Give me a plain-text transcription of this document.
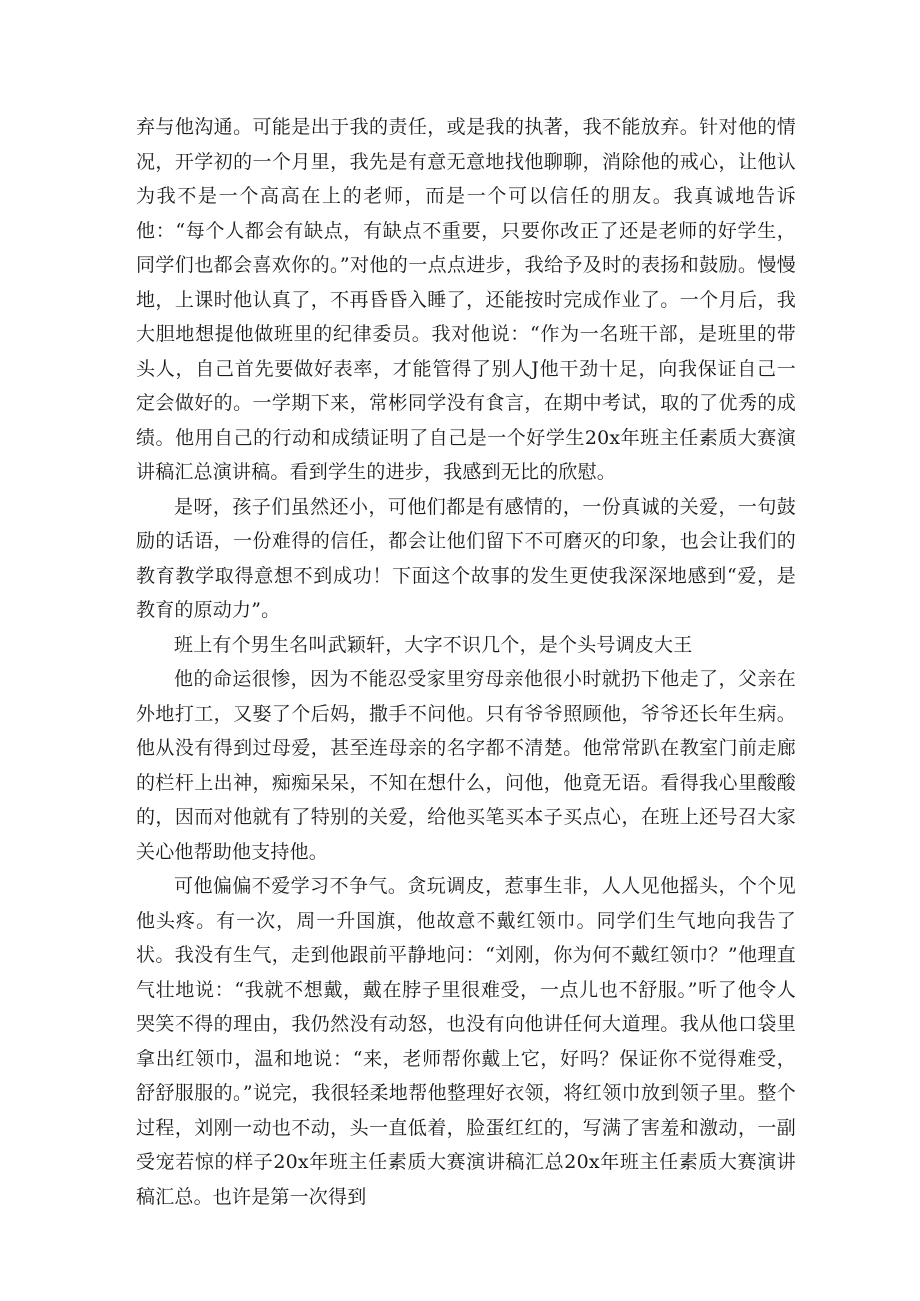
弃与他沟通。可能是出于我的责任，或是我的执著，我不能放弃。针对他的情况，开学初的一个月里，我先是有意无意地找他聊聊，消除他的戒心，让他认为我不是一个高高在上的老师，而是一个可以信任的朋友。我真诚地告诉他：“每个人都会有缺点，有缺点不重要，只要你改正了还是老师的好学生，同学们也都会喜欢你的。”对他的一点点进步，我给予及时的表扬和鼓励。慢慢地，上课时他认真了，不再昏昏入睡了，还能按时完成作业了。一个月后，我大胆地想提他做班里的纪律委员。我对他说：“作为一名班干部，是班里的带头人，自己首先要做好表率，才能管得了别人J他干劲十足，向我保证自己一定会做好的。一学期下来，常彬同学没有食言，在期中考试，取的了优秀的成绩。他用自己的行动和成绩证明了自己是一个好学生20x年班主任素质大赛演讲稿汇总演讲稿。看到学生的进步，我感到无比的欣慰。

是呀，孩子们虽然还小，可他们都是有感情的，一份真诚的关爱，一句鼓励的话语，一份难得的信任，都会让他们留下不可磨灭的印象，也会让我们的教育教学取得意想不到成功！下面这个故事的发生更使我深深地感到“爱，是教育的原动力”。

班上有个男生名叫武颖轩，大字不识几个，是个头号调皮大王

他的命运很惨，因为不能忍受家里穷母亲他很小时就扔下他走了，父亲在外地打工，又娶了个后妈，撒手不问他。只有爷爷照顾他，爷爷还长年生病。他从没有得到过母爱，甚至连母亲的名字都不清楚。他常常趴在教室门前走廊的栏杆上出神，痴痴呆呆，不知在想什么，问他，他竟无语。看得我心里酸酸的，因而对他就有了特别的关爱，给他买笔买本子买点心，在班上还号召大家关心他帮助他支持他。

可他偏偏不爱学习不争气。贪玩调皮，惹事生非，人人见他摇头，个个见他头疼。有一次，周一升国旗，他故意不戴红领巾。同学们生气地向我告了状。我没有生气，走到他跟前平静地问：“刘刚，你为何不戴红领巾？”他理直气壮地说：“我就不想戴，戴在脖子里很难受，一点儿也不舒服。”听了他令人哭笑不得的理由，我仍然没有动怒，也没有向他讲任何大道理。我从他口袋里拿出红领巾，温和地说：“来，老师帮你戴上它，好吗？保证你不觉得难受，舒舒服服的。”说完，我很轻柔地帮他整理好衣领，将红领巾放到领子里。整个过程，刘刚一动也不动，头一直低着，脸蛋红红的，写满了害羞和激动，一副受宠若惊的样子20x年班主任素质大赛演讲稿汇总20x年班主任素质大赛演讲稿汇总。也许是第一次得到
